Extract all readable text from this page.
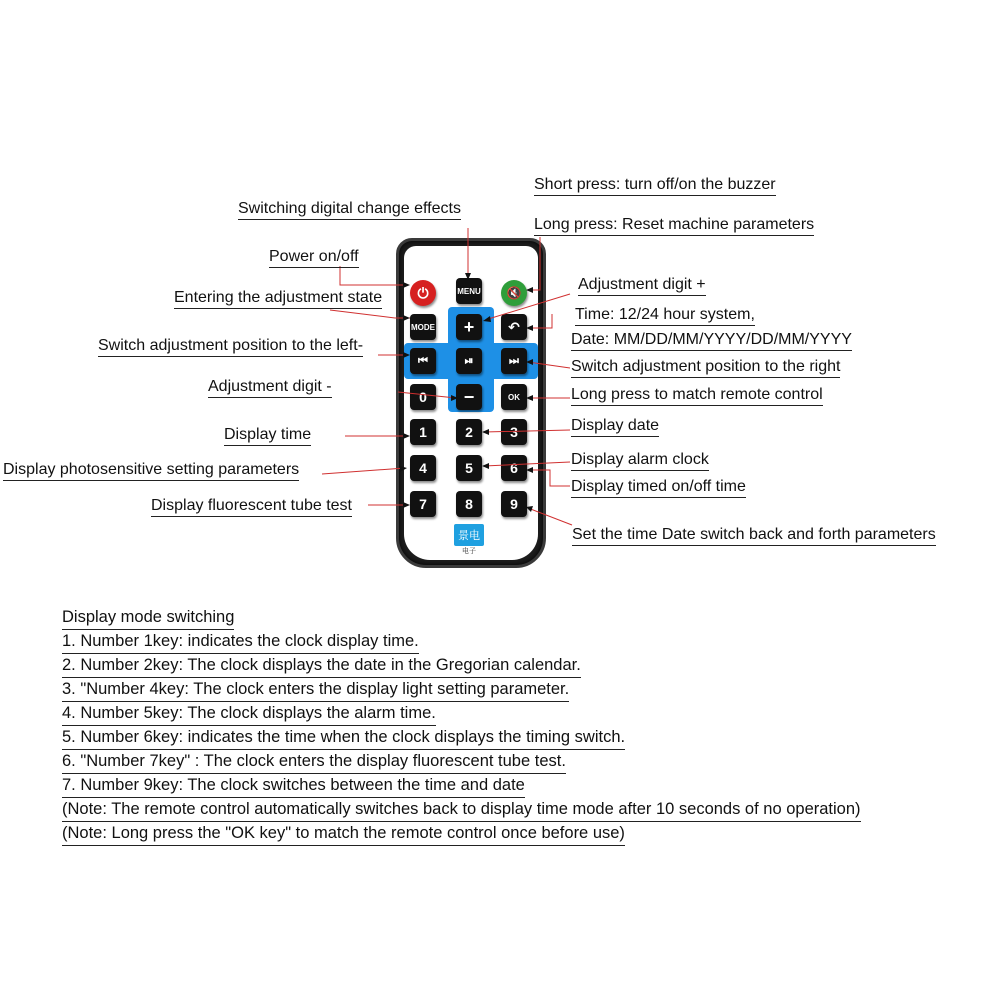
⏻	MENU	🔇
MODE	+	↶
⏮	⏯	⏭
0	−	OK
1	2	3
4	5	6
7	8	9
景电
电子
Short press: turn off/on the buzzer
Long press: Reset machine parameters
Switching digital change effects
Power on/off
Entering the adjustment state
Adjustment digit +
Time: 12/24 hour system,
Date: MM/DD/MM/YYYY/DD/MM/YYYY
Switch adjustment position to the left-
Switch adjustment position to the right
Adjustment digit -	Long press to match remote control
Display time
Display date
Display photosensitive setting parameters
Display alarm clock
Display timed on/off time
Display fluorescent tube test
Set the time Date switch back and forth parameters
Display mode switching
1. Number 1key: indicates the clock display time.
2. Number 2key: The clock displays the date in the Gregorian calendar.
3. "Number 4key: The clock enters the display light setting parameter.
4. Number 5key: The clock displays the alarm time.
5. Number 6key: indicates the time when the clock displays the timing switch.
6. "Number 7key" : The clock enters the display fluorescent tube test.
7. Number 9key: The clock switches between the time and date
(Note: The remote control automatically switches back to display time mode after 10 seconds of no operation)
(Note: Long press the "OK key" to match the remote control once before use)
